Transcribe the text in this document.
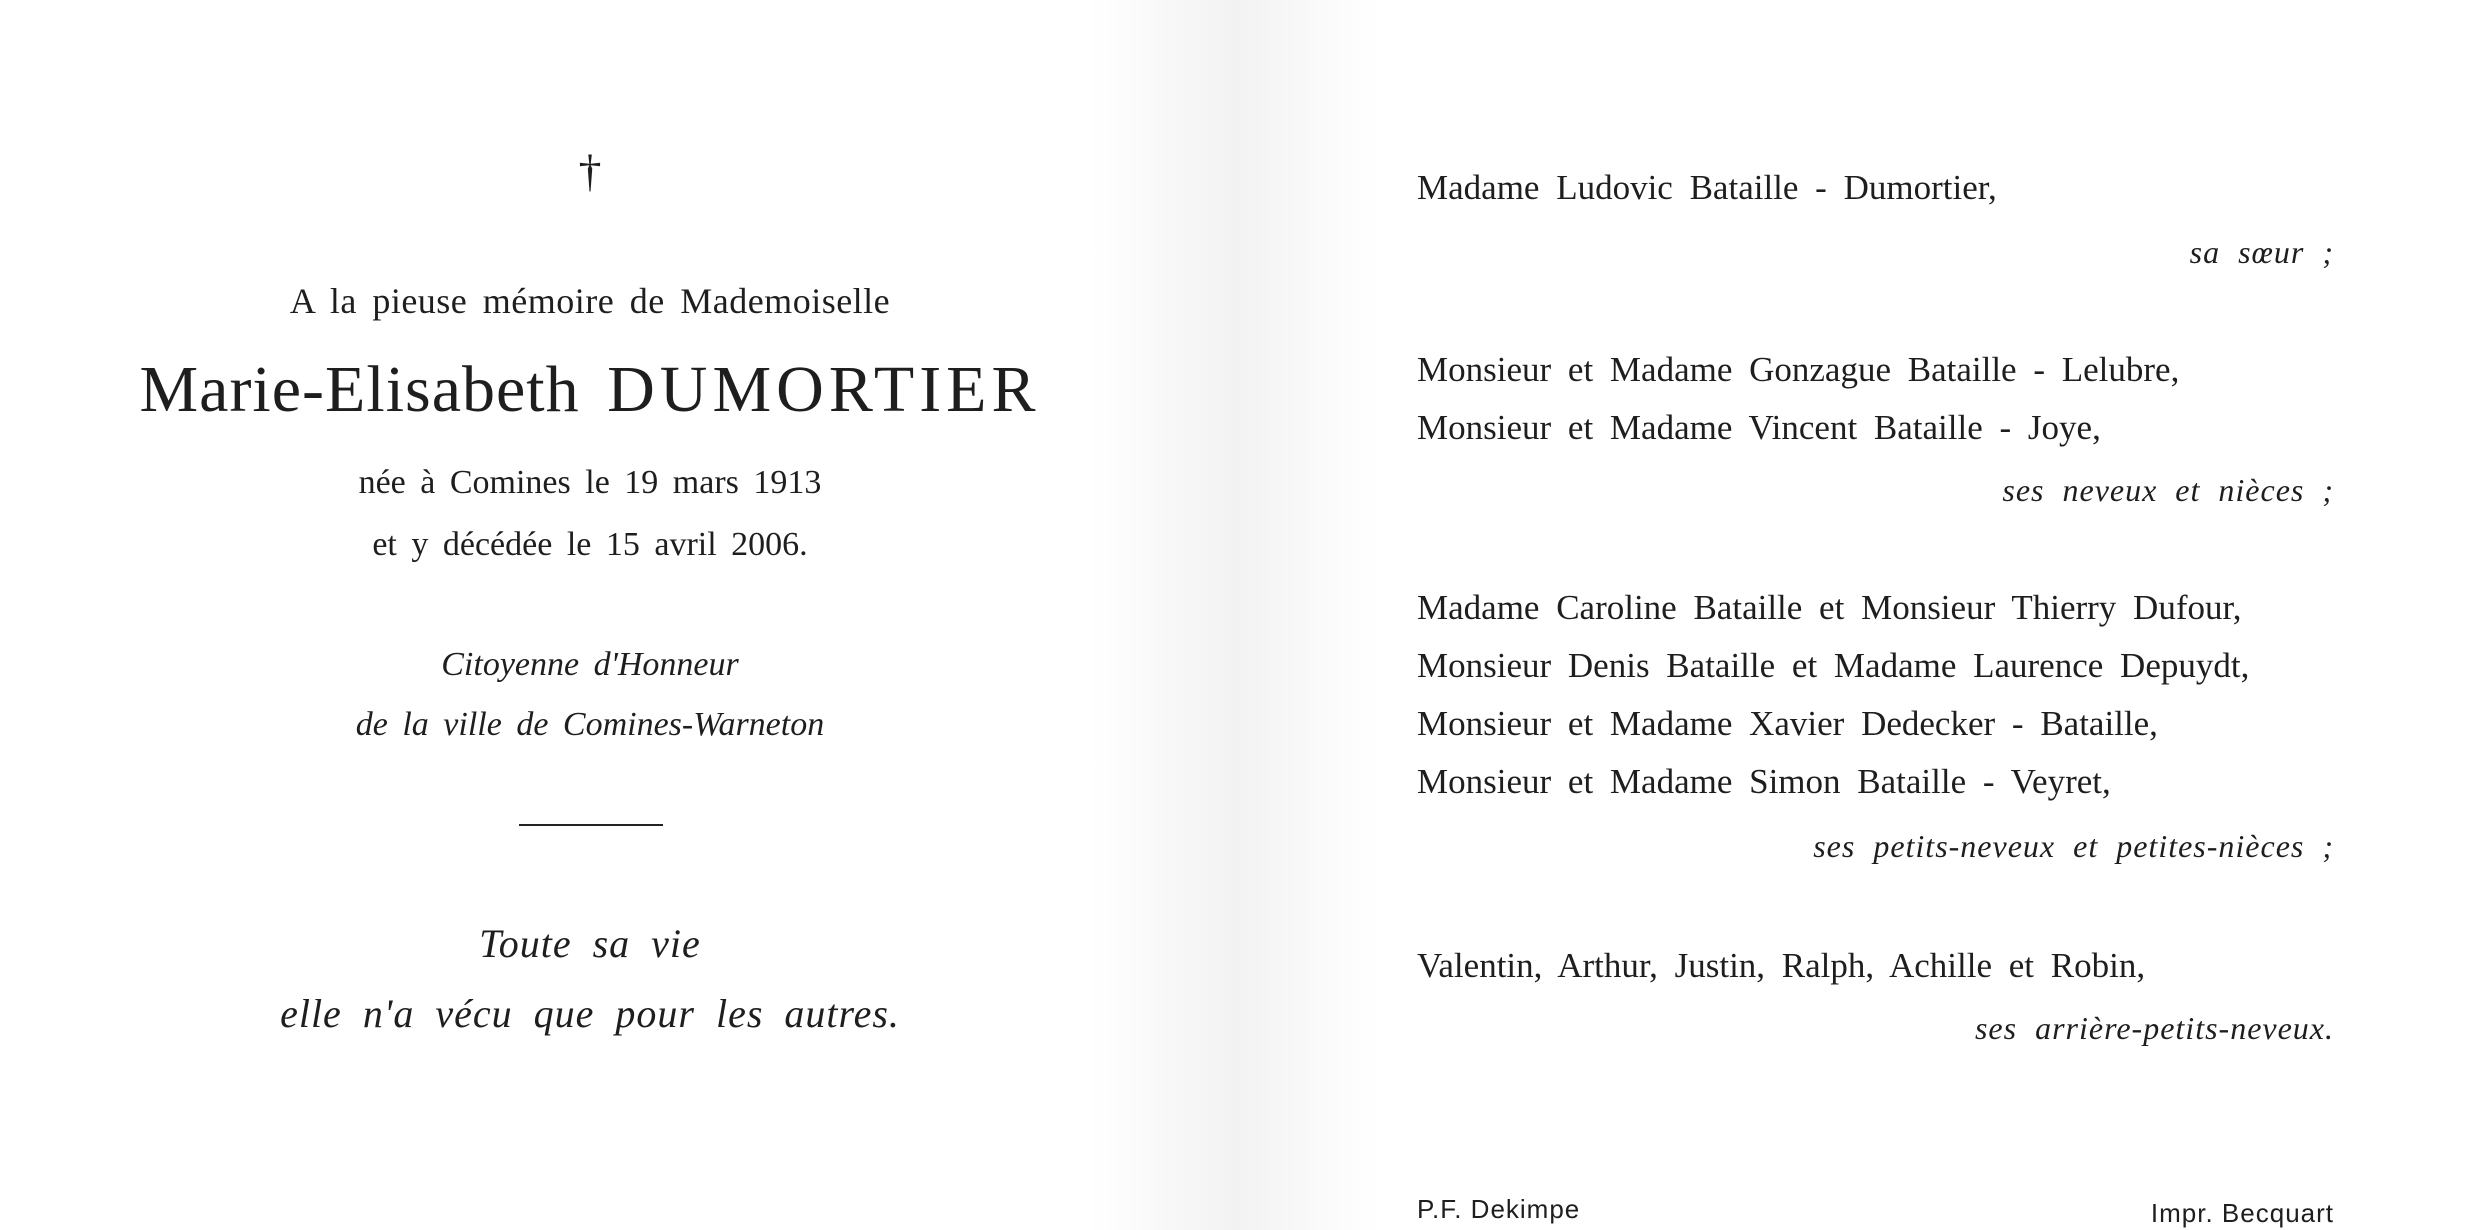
†
A la pieuse mémoire de Mademoiselle
Marie-Elisabeth DUMORTIER
née à Comines le 19 mars 1913
et y décédée le 15 avril 2006.
Citoyenne d'Honneur
de la ville de Comines-Warneton
Toute sa vie
elle n'a vécu que pour les autres.
Madame Ludovic Bataille - Dumortier,
sa sœur ;
Monsieur et Madame Gonzague Bataille - Lelubre,
Monsieur et Madame Vincent Bataille - Joye,
ses neveux et nièces ;
Madame Caroline Bataille et Monsieur Thierry Dufour,
Monsieur Denis Bataille et Madame Laurence Depuydt,
Monsieur et Madame Xavier Dedecker - Bataille,
Monsieur et Madame Simon Bataille - Veyret,
ses petits-neveux et petites-nièces ;
Valentin, Arthur, Justin, Ralph, Achille et Robin,
ses arrière-petits-neveux.
P.F. Dekimpe	Impr. Becquart
